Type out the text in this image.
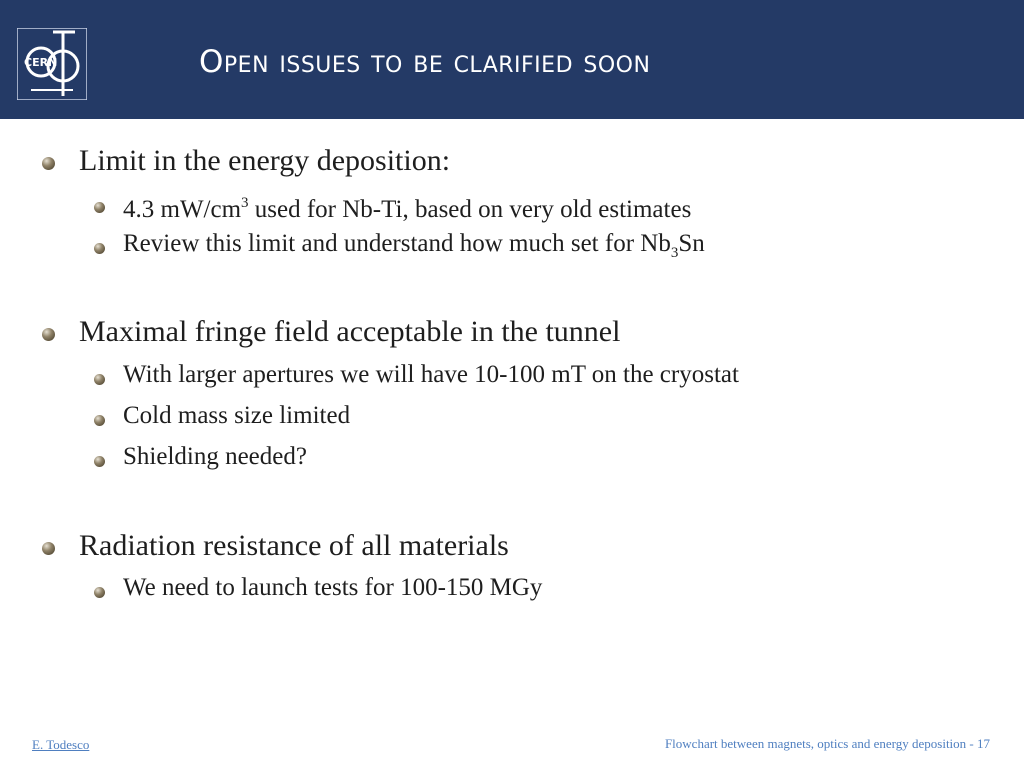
CERN	Open issues to be clarified soon
Limit in the energy deposition:
4.3 $mW/cm^3$ used for Nb-Ti, based on very old estimates
Review this limit and understand how much set for $Nb_3Sn$
Maximal fringe field acceptable in the tunnel
With larger apertures we will have 10-100 mT on the cryostat
Cold mass size limited
Shielding needed?
Radiation resistance of all materials
We need to launch tests for 100-150 MGy
E. Todesco	Flowchart between magnets, optics and energy deposition - 17
